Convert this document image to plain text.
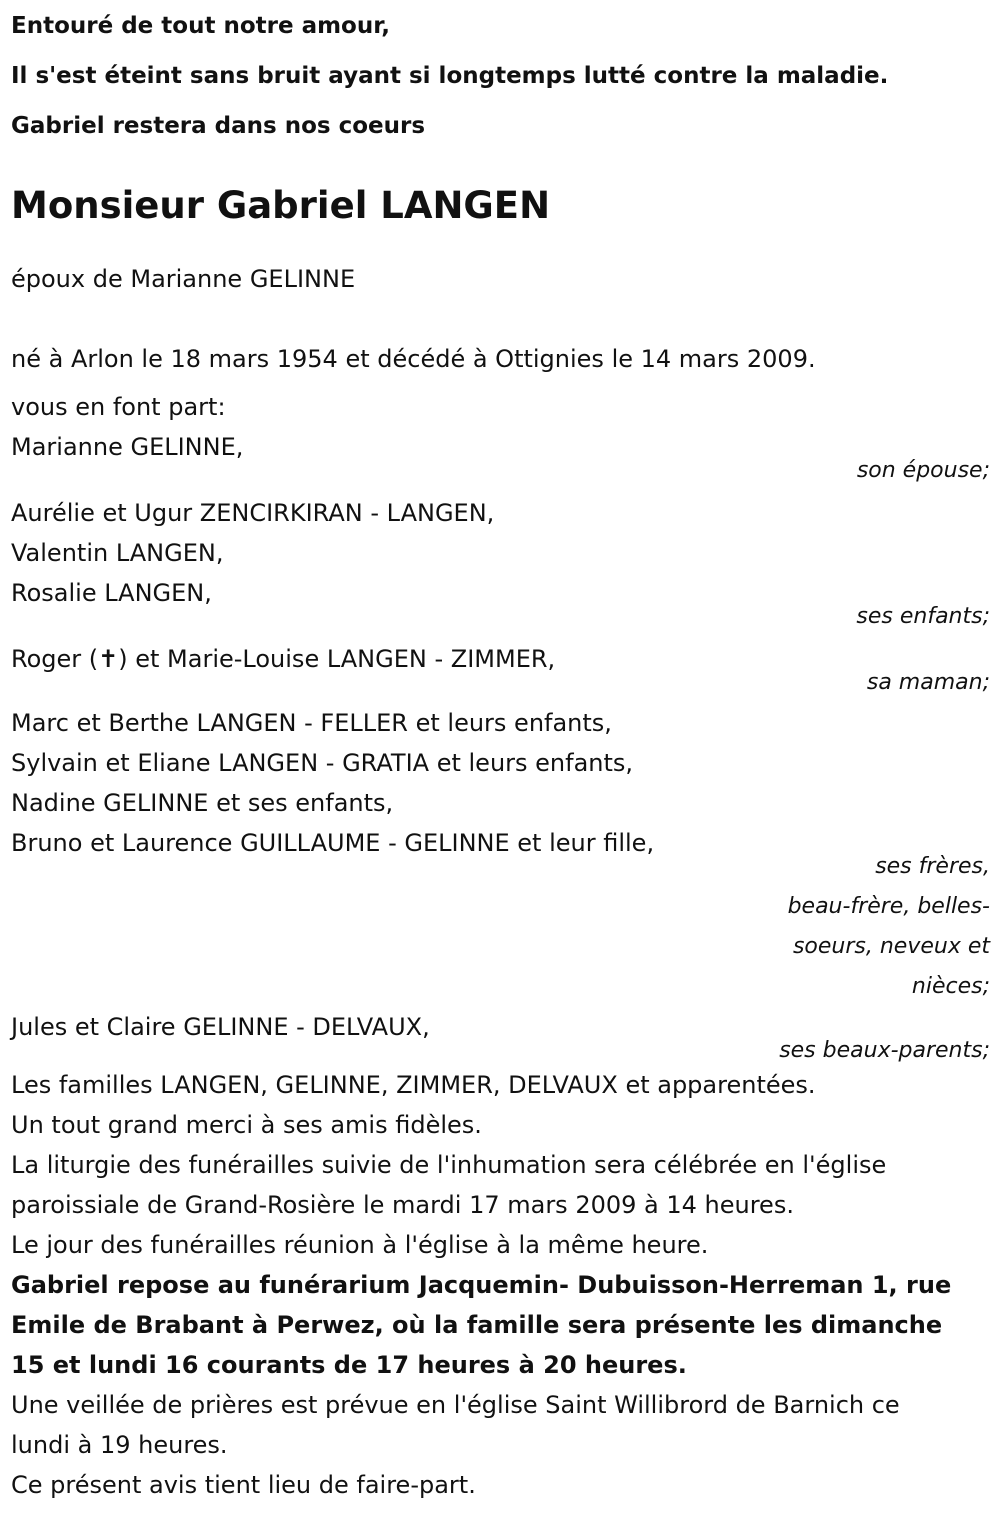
Entouré de tout notre amour,

Il s'est éteint sans bruit ayant si longtemps lutté contre la maladie.

Gabriel restera dans nos coeurs

Monsieur Gabriel LANGEN

époux de Marianne GELINNE

né à Arlon le 18 mars 1954 et décédé à Ottignies le 14 mars 2009.

vous en font part:

Marianne GELINNE,

son épouse;

Aurélie et Ugur ZENCIRKIRAN - LANGEN,

Valentin LANGEN,

Rosalie LANGEN,

ses enfants;

Roger (✝) et Marie-Louise LANGEN - ZIMMER,

sa maman;

Marc et Berthe LANGEN - FELLER et leurs enfants,

Sylvain et Eliane LANGEN - GRATIA et leurs enfants,

Nadine GELINNE et ses enfants,

Bruno et Laurence GUILLAUME - GELINNE et leur fille,

ses frères,
beau-frère, belles-
soeurs, neveux et
nièces;

Jules et Claire GELINNE - DELVAUX,

ses beaux-parents;

Les familles LANGEN, GELINNE, ZIMMER, DELVAUX et apparentées.

Un tout grand merci à ses amis fidèles.

La liturgie des funérailles suivie de l'inhumation sera célébrée en l'église

paroissiale de Grand-Rosière le mardi 17 mars 2009 à 14 heures.

Le jour des funérailles réunion à l'église à la même heure.

Gabriel repose au funérarium Jacquemin- Dubuisson-Herreman 1, rue

Emile de Brabant à Perwez, où la famille sera présente les dimanche

15 et lundi 16 courants de 17 heures à 20 heures.

Une veillée de prières est prévue en l'église Saint Willibrord de Barnich ce

lundi à 19 heures.

Ce présent avis tient lieu de faire-part.
